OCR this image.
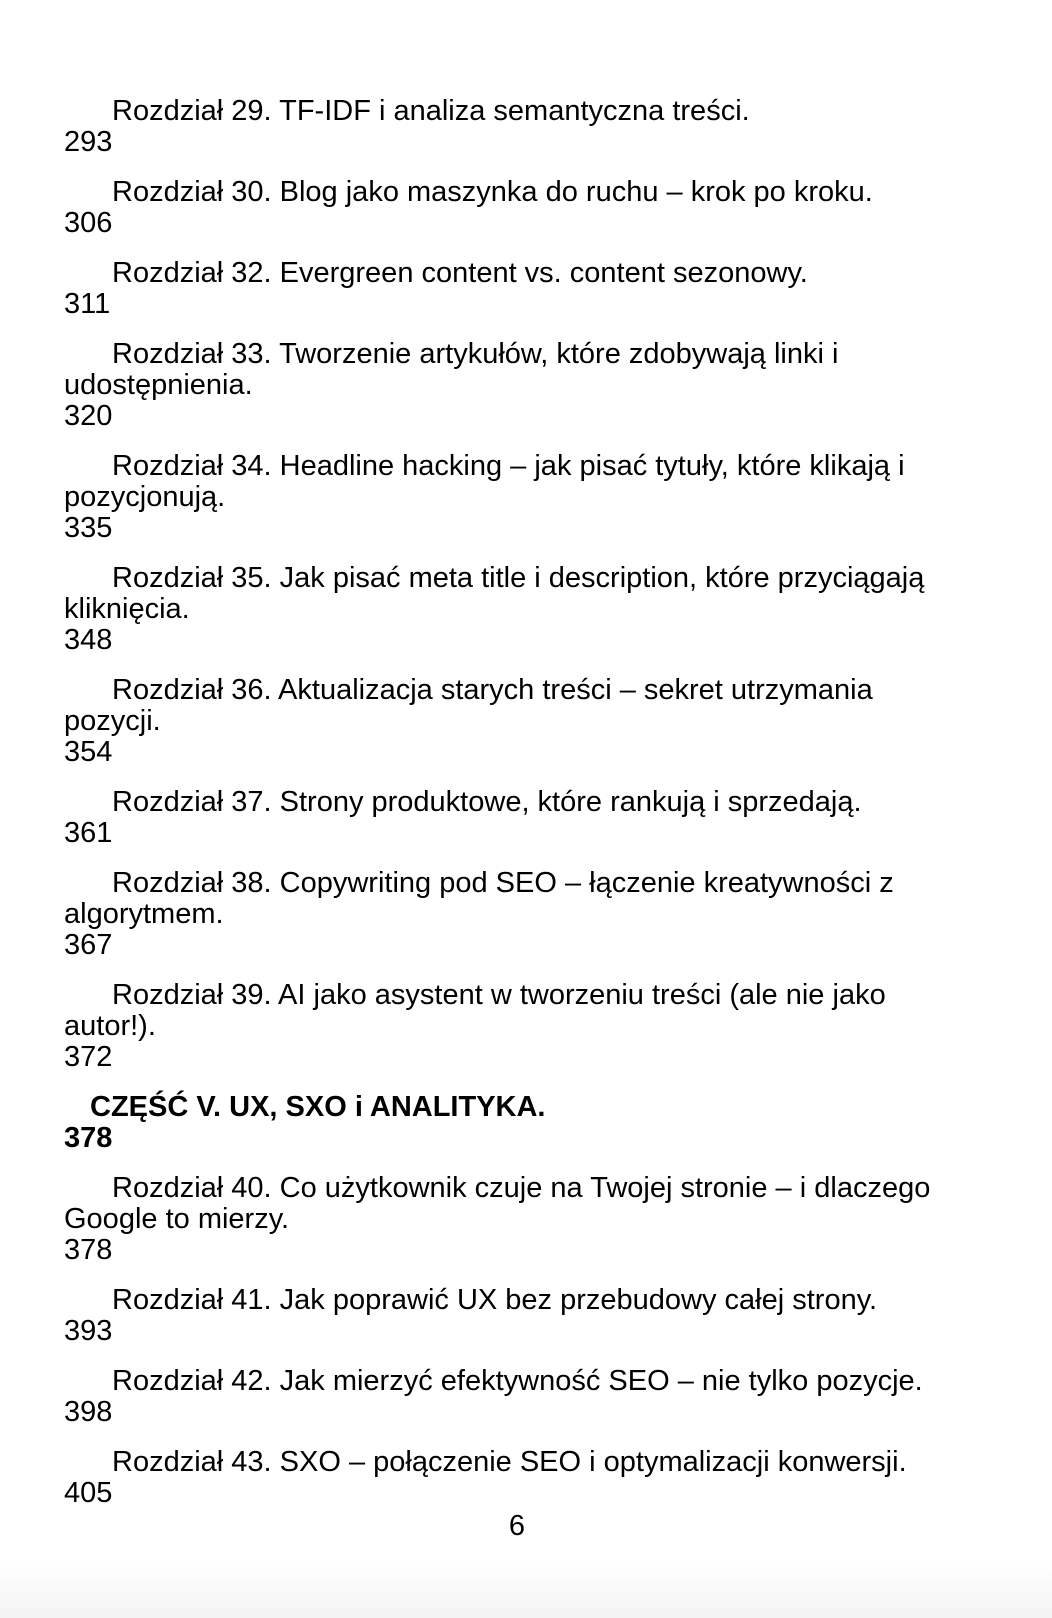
Rozdział 29. TF-IDF i analiza semantyczna treści.
293

Rozdział 30. Blog jako maszynka do ruchu – krok po kroku.
306

Rozdział 32. Evergreen content vs. content sezonowy.
311

Rozdział 33. Tworzenie artykułów, które zdobywają linki i udostępnienia.
320

Rozdział 34. Headline hacking – jak pisać tytuły, które klikają i pozycjonują.
335

Rozdział 35. Jak pisać meta title i description, które przyciągają kliknięcia.
348

Rozdział 36. Aktualizacja starych treści – sekret utrzymania pozycji.
354

Rozdział 37. Strony produktowe, które rankują i sprzedają.
361

Rozdział 38. Copywriting pod SEO – łączenie kreatywności z algorytmem.
367

Rozdział 39. AI jako asystent w tworzeniu treści (ale nie jako autor!).
372

CZĘŚĆ V. UX, SXO i ANALITYKA.
378

Rozdział 40. Co użytkownik czuje na Twojej stronie – i dlaczego Google to mierzy.
378

Rozdział 41. Jak poprawić UX bez przebudowy całej strony.
393

Rozdział 42. Jak mierzyć efektywność SEO – nie tylko pozycje.
398

Rozdział 43. SXO – połączenie SEO i optymalizacji konwersji.
405

6
